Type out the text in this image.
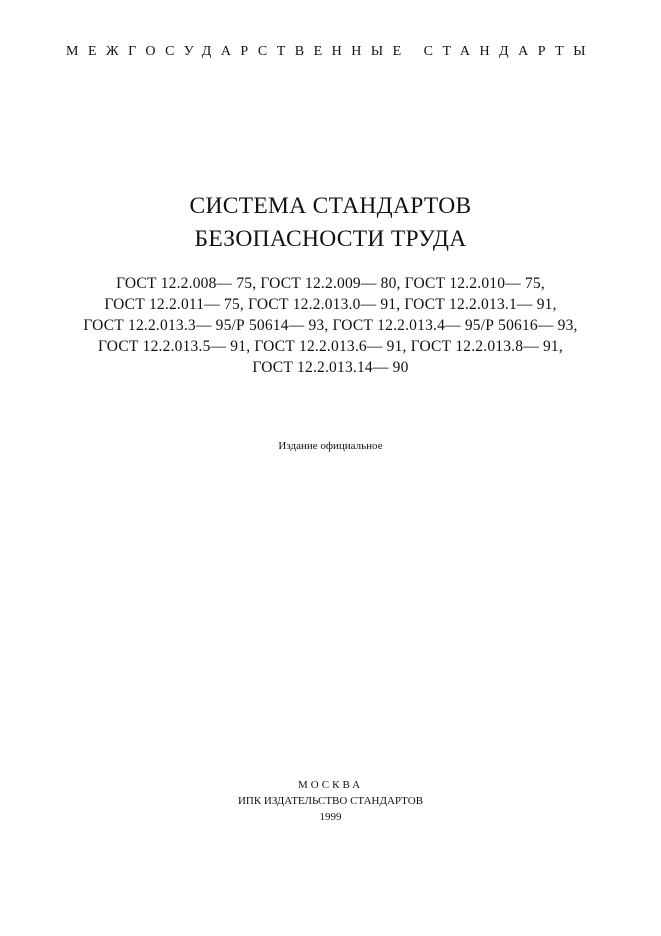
МЕЖГОСУДАРСТВЕННЫЕ СТАНДАРТЫ
СИСТЕМА СТАНДАРТОВ
БЕЗОПАСНОСТИ ТРУДА
ГОСТ 12.2.008— 75, ГОСТ 12.2.009— 80, ГОСТ 12.2.010— 75,
ГОСТ 12.2.011— 75, ГОСТ 12.2.013.0— 91, ГОСТ 12.2.013.1— 91,
ГОСТ 12.2.013.3— 95/Р 50614— 93, ГОСТ 12.2.013.4— 95/Р 50616— 93,
ГОСТ 12.2.013.5— 91, ГОСТ 12.2.013.6— 91, ГОСТ 12.2.013.8— 91,
ГОСТ 12.2.013.14— 90
Издание официальное
МОСКВА
ИПК ИЗДАТЕЛЬСТВО СТАНДАРТОВ
1999
